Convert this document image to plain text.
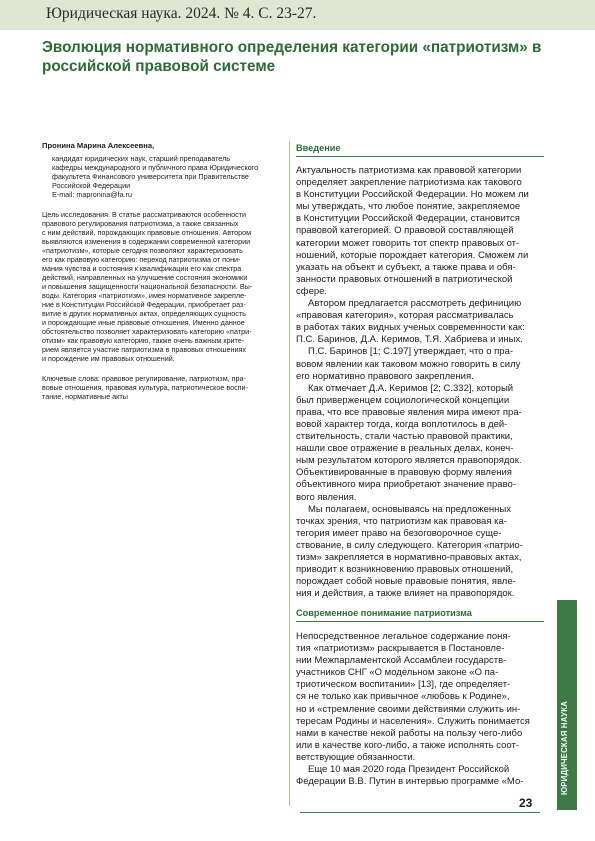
Юридическая наука. 2024. № 4. С. 23-27.
Эволюция нормативного определения категории «патриотизм» в российской правовой системе
Пронина Марина Алексеевна,
кандидат юридических наук, старший преподаватель
кафедры международного и публичного права Юридического
факультета Финансового университета при Правительстве
Российской Федерации
E-mail: mapronina@fa.ru
Цель исследования. В статье рассматриваются особенности
правового регулирования патриотизма, а также связанных
с ним действий, порождающих правовые отношения. Автором
выявляются изменения в содержании современной категории
«патриотизм», которые сегодня позволяют характеризовать
его как правовую категорию: переход патриотизма от пони-
мания чувства и состояния к квалификации его как спектра
действий, направленных на улучшение состояния экономики
и повышения защищенности национальной безопасности. Вы-
воды. Категория «патриотизм», имея нормативное закрепле-
ние в Конституции Российской Федерации, приобретает раз-
витие в других нормативных актах, определяющих сущность
и порождающие иные правовые отношения. Именно данное
обстоятельство позволяет характеризовать категорию «патри-
отизм» как правовую категорию, также очень важным крите-
рием является участие патриотизма в правовых отношениях
и порождение им правовых отношений.
Ключевые слова: правовое регулирование, патриотизм, пра-
вовые отношения, правовая культура, патриотическое воспи-
тание, нормативные акты
Введение
Актуальность патриотизма как правовой категории
определяет закрепление патриотизма как такового
в Конституции Российской Федерации. Но можем ли
мы утверждать, что любое понятие, закрепляемое
в Конституции Российской Федерации, становится
правовой категорией. О правовой составляющей
категории может говорить тот спектр правовых от-
ношений, которые порождает категория. Сможем ли
указать на объект и субъект, а также права и обя-
занности правовых отношений в патриотической
сфере.
Автором предлагается рассмотреть дефиницию
«правовая категория», которая рассматривалась
в работах таких видных ученых современности как:
П.С. Баринов, Д.А. Керимов, Т.Я. Хабриева и иных.
П.С. Баринов [1; С.197] утверждает, что о пра-
вовом явлении как таковом можно говорить в силу
его нормативно правового закрепления.
Как отмечает Д.А. Керимов [2; С.332], который
был приверженцем социологической концепции
права, что все правовые явления мира имеют пра-
вовой характер тогда, когда воплотилось в дей-
ствительность, стали частью правовой практики,
нашли свое отражение в реальных делах, конеч-
ным результатом которого является правопорядок.
Объективированные в правовую форму явления
объективного мира приобретают значение право-
вого явления.
Мы полагаем, основываясь на предложенных
точках зрения, что патриотизм как правовая ка-
тегория имеет право на безоговорочное суще-
ствование, в силу следующего. Категория «патрио-
тизм» закрепляется в нормативно-правовых актах,
приводит к возникновению правовых отношений,
порождает собой новые правовые понятия, явле-
ния и действия, а также влияет на правопорядок.
Современное понимание патриотизма
Непосредственное легальное содержание поня-
тия «патриотизм» раскрывается в Постановле-
нии Межпарламентской Ассамблеи государств-
участников СНГ «О модельном законе «О па-
триотическом воспитании» [13], где определяет-
ся не только как привычное «любовь к Родине»,
но и «стремление своими действиями служить ин-
тересам Родины и населения». Служить понимается
нами в качестве некой работы на пользу чего-либо
или в качестве кого-либо, а также исполнять соот-
ветствующие обязанности.
Еще 10 мая 2020 года Президент Российской
Федерации В.В. Путин в интервью программе «Мо-	ЮРИДИЧЕСКАЯ НАУКА
23
